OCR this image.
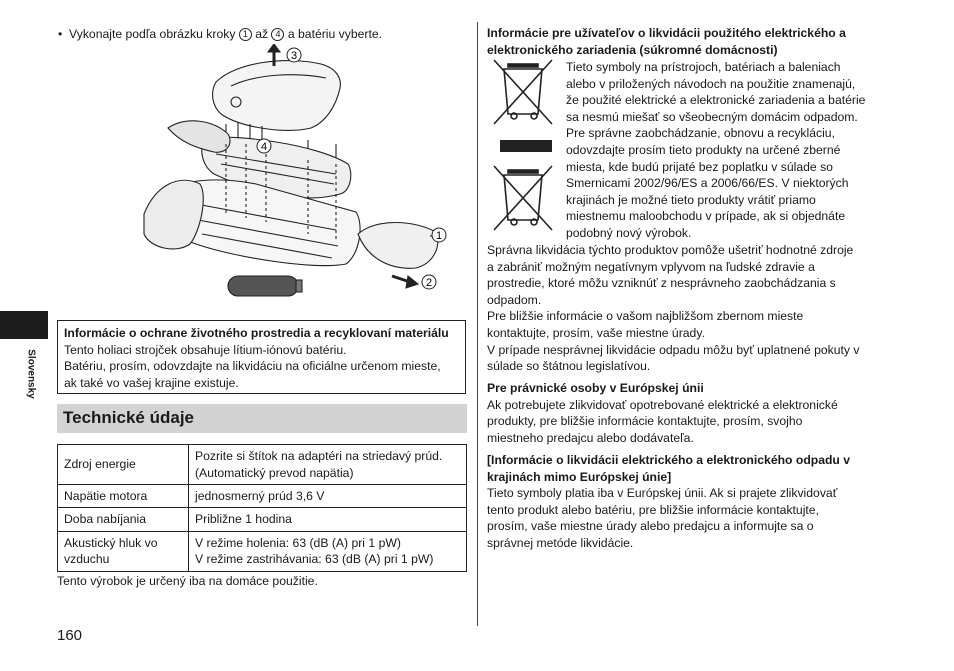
•  Vykonajte podľa obrázku kroky 1 až 4 a batériu vyberte.
3
4
1
2
Slovensky
Informácie o ochrane životného prostredia a recyklovaní materiálu
Tento holiaci strojček obsahuje lítium-iónovú batériu.
Batériu, prosím, odovzdajte na likvidáciu na oficiálne určenom mieste,
ak také vo vašej krajine existuje.
Technické údaje
Zdroj energie	Pozrite si štítok na adaptéri na striedavý prúd.
(Automatický prevod napätia)

Napätie motora	jednosmerný prúd 3,6 V
Doba nabíjania	Približne 1 hodina
Akustický hluk vo vzduchu	V režime holenia: 63 (dB (A) pri 1 pW)
V režime zastrihávania: 63 (dB (A) pri 1 pW)
Tento výrobok je určený iba na domáce použitie.
160
Informácie pre užívateľov o likvidácii použitého elektrického a
elektronického zariadenia (súkromné domácnosti)
Tieto symboly na prístrojoch, batériach a baleniach
alebo v priložených návodoch na použitie znamenajú,
že použité elektrické a elektronické zariadenia a batérie
sa nesmú miešať so všeobecným domácim odpadom.
Pre správne zaobchádzanie, obnovu a recykláciu,
odovzdajte prosím tieto produkty na určené zberné
miesta, kde budú prijaté bez poplatku v súlade so
Smernicami 2002/96/ES a 2006/66/ES. V niektorých
krajinách je možné tieto produkty vrátiť priamo
miestnemu maloobchodu v prípade, ak si objednáte
podobný nový výrobok.
Správna likvidácia týchto produktov pomôže ušetriť hodnotné zdroje
a zabrániť možným negatívnym vplyvom na ľudské zdravie a
prostredie, ktoré môžu vzniknúť z nesprávneho zaobchádzania s
odpadom.
Pre bližšie informácie o vašom najbližšom zbernom mieste
kontaktujte, prosím, vaše miestne úrady.
V prípade nesprávnej likvidácie odpadu môžu byť uplatnené pokuty v
súlade so štátnou legislatívou.
Pre právnické osoby v Európskej únii
Ak potrebujete zlikvidovať opotrebované elektrické a elektronické
produkty, pre bližšie informácie kontaktujte, prosím, svojho
miestneho predajcu alebo dodávateľa.
[Informácie o likvidácii elektrického a elektronického odpadu v
krajinách mimo Európskej únie]
Tieto symboly platia iba v Európskej únii. Ak si prajete zlikvidovať
tento produkt alebo batériu, pre bližšie informácie kontaktujte,
prosím, vaše miestne úrady alebo predajcu a informujte sa o
správnej metóde likvidácie.
